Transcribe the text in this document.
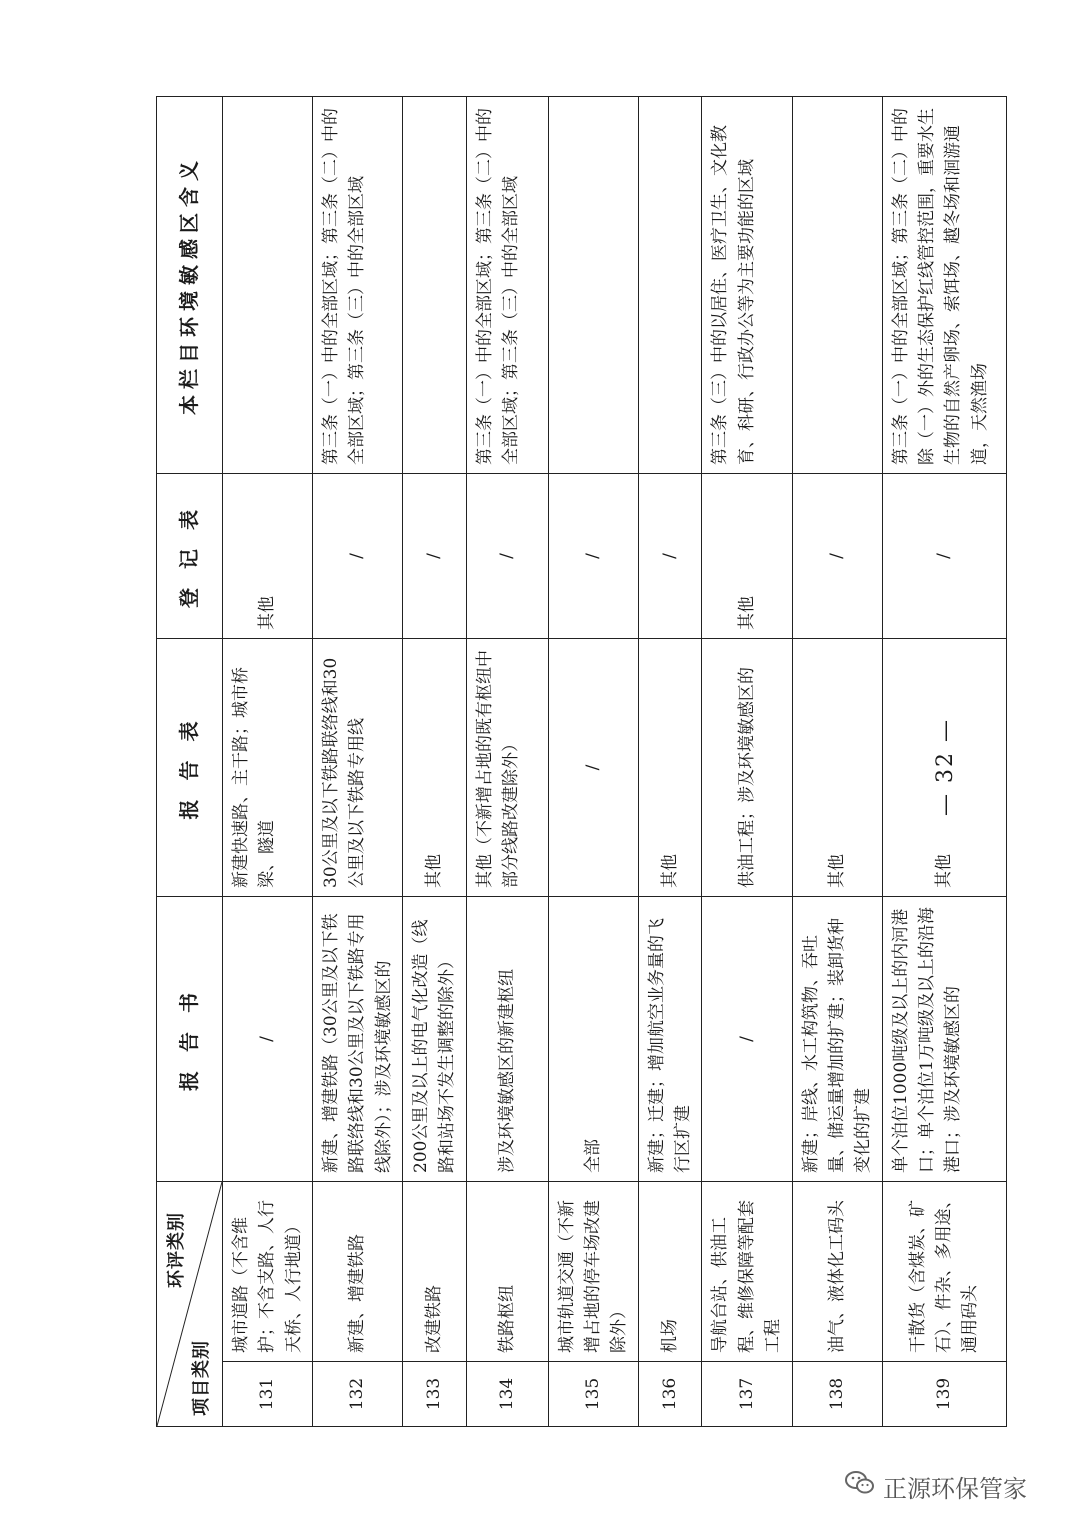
环评类别
项目类别		报 告 书	报 告 表	登 记 表	本栏目环境敏感区含义
131	城市道路（不含维护；不含支路、人行天桥、人行地道）	/	新建快速路、主干路；城市桥梁、隧道	其他	
132	新建、增建铁路	新建、增建铁路（30公里及以下铁路联络线和30公里及以下铁路专用线除外）；涉及环境敏感区的	30公里及以下铁路联络线和30公里及以下铁路专用线	/	第三条（一）中的全部区域；第三条（二）中的全部区域；第三条（三）中的全部区域
133	改建铁路	200公里及以上的电气化改造（线路和站场不发生调整的除外）	其他	/	
134	铁路枢纽	涉及环境敏感区的新建枢纽	其他（不新增占地的既有枢纽中部分线路改建除外）	/	第三条（一）中的全部区域；第三条（二）中的全部区域；第三条（三）中的全部区域
135	城市轨道交通（不新增占地的停车场改建除外）	全部	/	/	
136	机场	新建；迁建；增加航空业务量的飞行区扩建	其他	/	
137	导航台站、供油工程、维修保障等配套工程	/	供油工程；涉及环境敏感区的	其他	第三条（三）中的以居住、医疗卫生、文化教育、科研、行政办公等为主要功能的区域
138	油气、液体化工码头	新建；岸线、水工构筑物、吞吐量、储运量增加的扩建；装卸货种变化的扩建	其他	/	
139	干散货（含煤炭、矿石）、件杂、多用途、通用码头	单个泊位1000吨级及以上的内河港口；单个泊位1万吨级及以上的沿海港口；涉及环境敏感区的	其他	/	第三条（一）中的全部区域；第三条（二）中的除（一）外的生态保护红线管控范围，重要水生生物的自然产卵场、索饵场、越冬场和洄游通道，天然渔场
— 32 —
正源环保管家
